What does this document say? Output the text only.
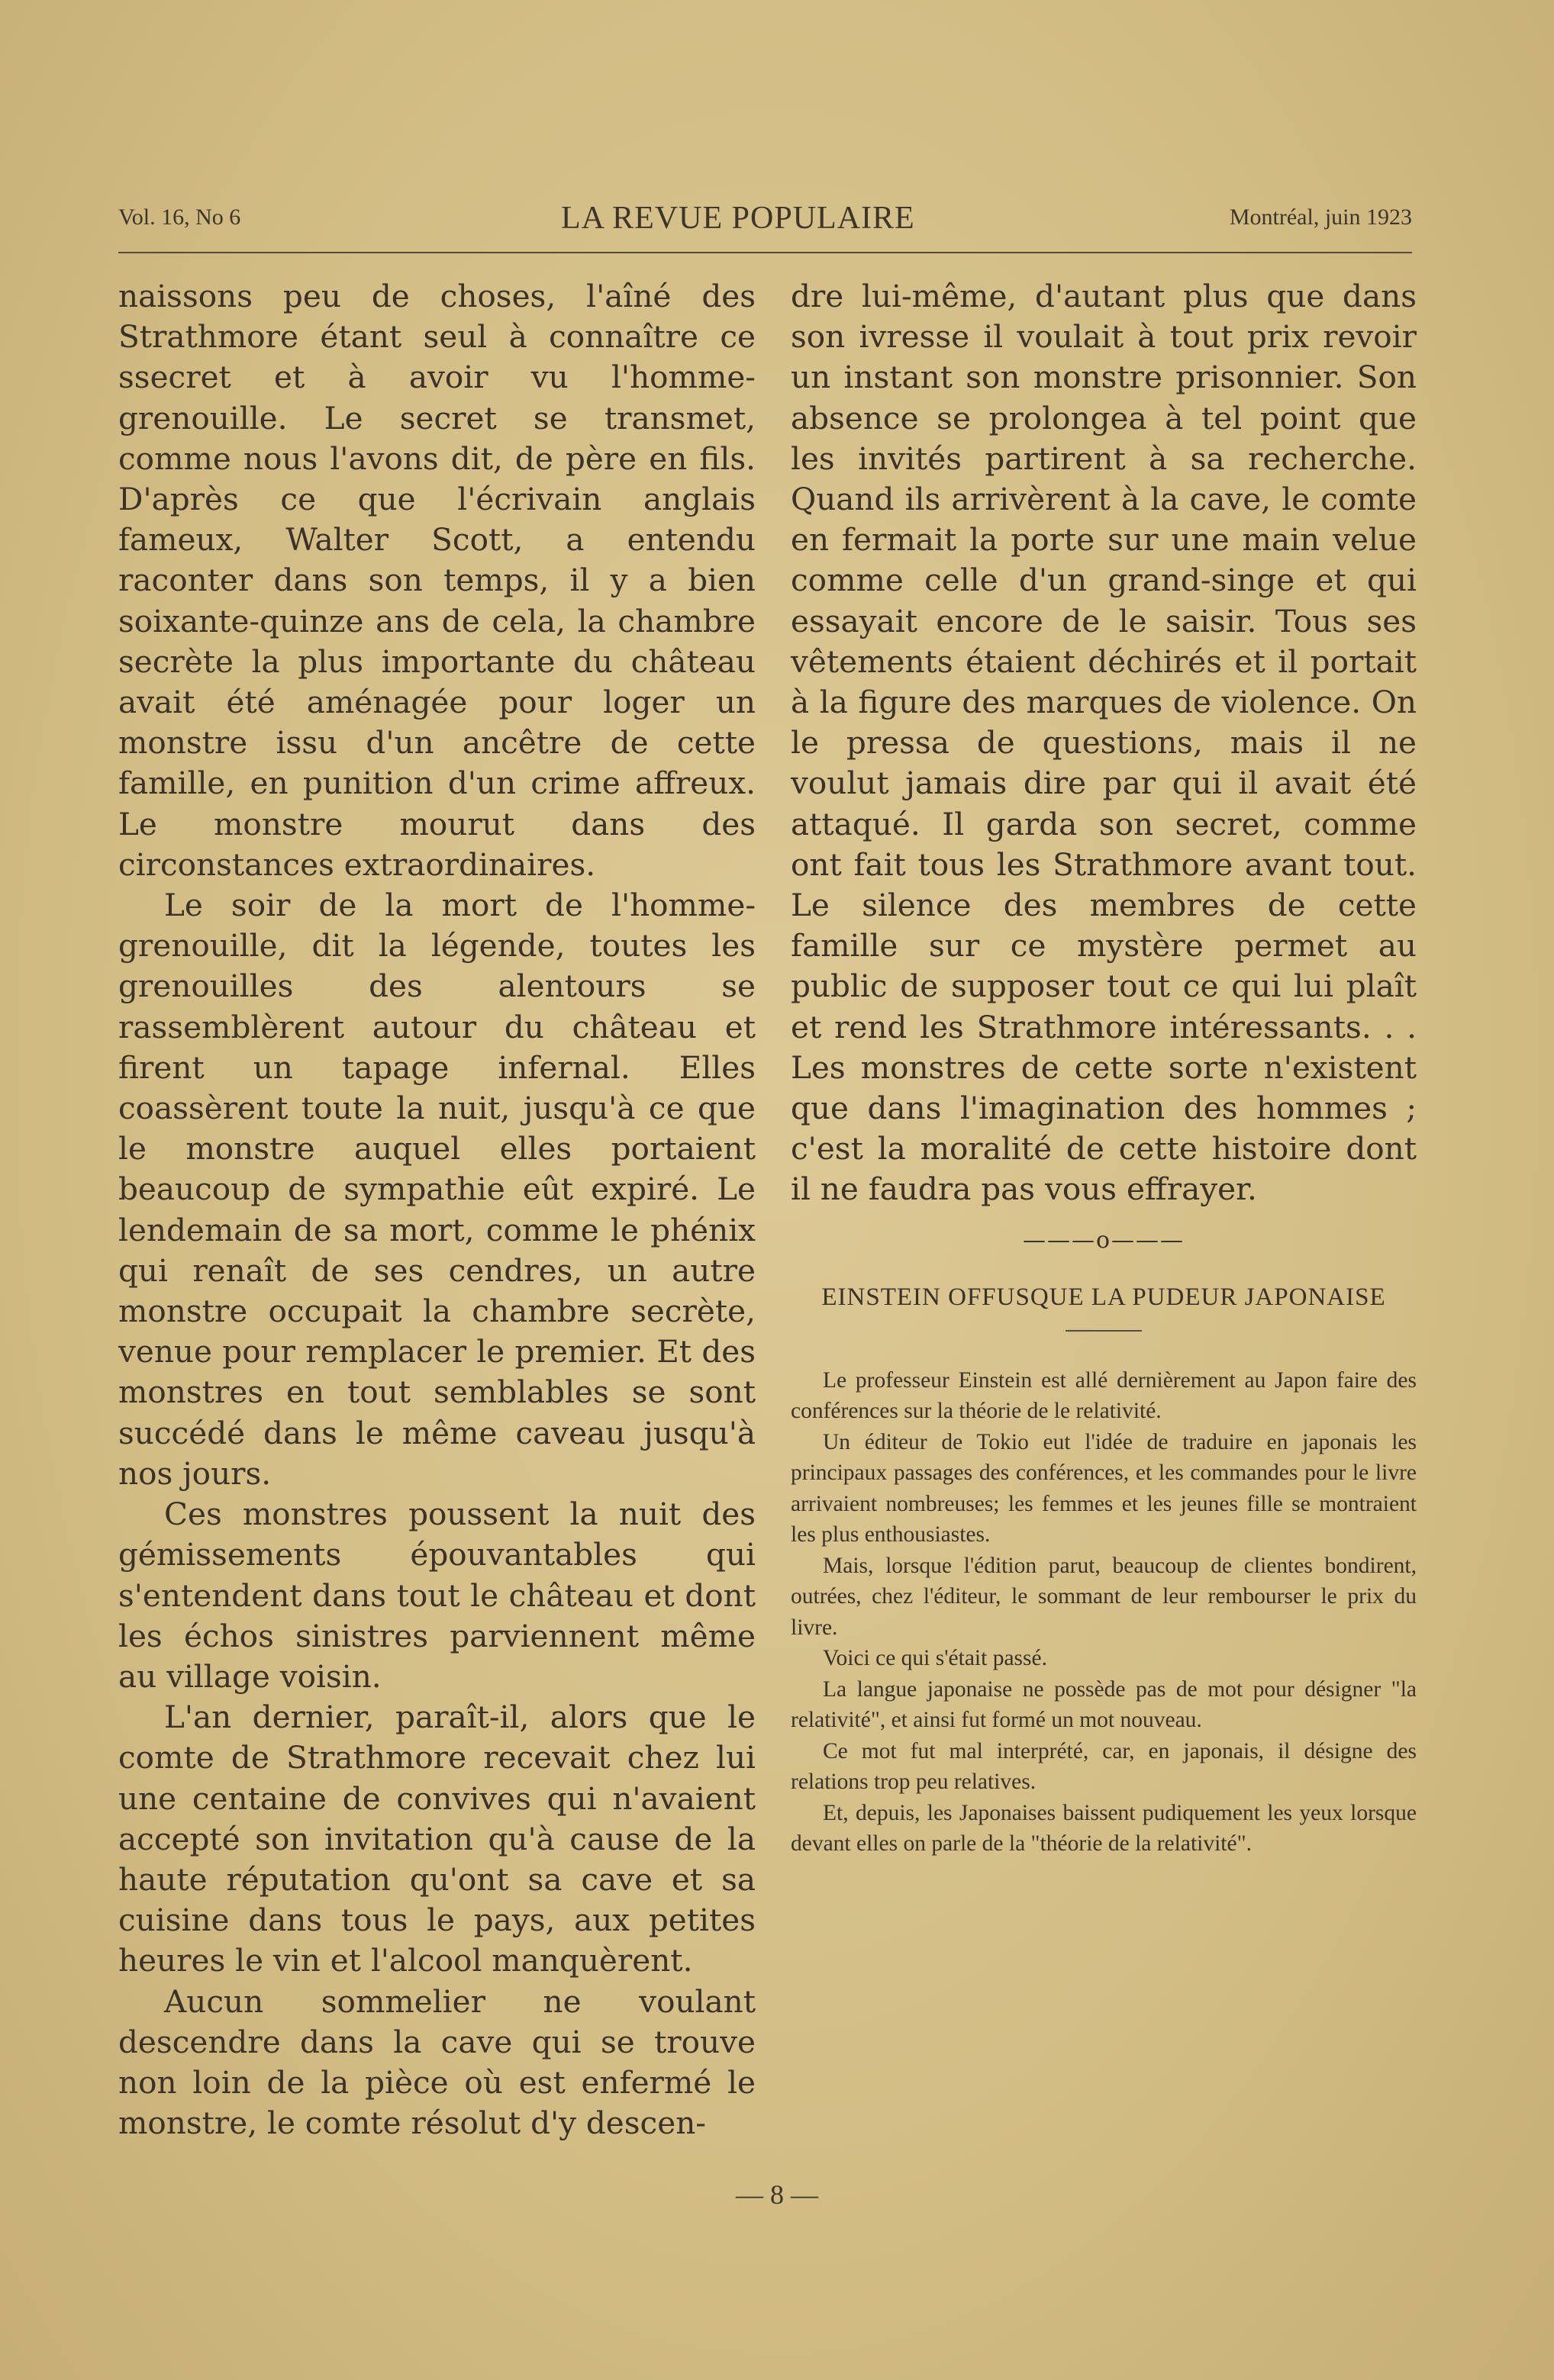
Vol. 16, No 6	LA REVUE POPULAIRE	Montréal, juin 1923

naissons peu de choses, l'aîné des Strathmore étant seul à connaître ce ssecret et à avoir vu l'homme-grenouille. Le secret se transmet, comme nous l'avons dit, de père en fils. D'après ce que l'écrivain anglais fameux, Walter Scott, a entendu raconter dans son temps, il y a bien soixante-quinze ans de cela, la chambre secrète la plus importante du château avait été aménagée pour loger un monstre issu d'un ancêtre de cette famille, en punition d'un crime affreux. Le monstre mourut dans des circonstances extraordinaires.

Le soir de la mort de l'homme-grenouille, dit la légende, toutes les grenouilles des alentours se rassemblèrent autour du château et firent un tapage infernal. Elles coassèrent toute la nuit, jusqu'à ce que le monstre auquel elles portaient beaucoup de sympathie eût expiré. Le lendemain de sa mort, comme le phénix qui renaît de ses cendres, un autre monstre occupait la chambre secrète, venue pour remplacer le premier. Et des monstres en tout semblables se sont succédé dans le même caveau jusqu'à nos jours.

Ces monstres poussent la nuit des gémissements épouvantables qui s'entendent dans tout le château et dont les échos sinistres parviennent même au village voisin.

L'an dernier, paraît-il, alors que le comte de Strathmore recevait chez lui une centaine de convives qui n'avaient accepté son invitation qu'à cause de la haute réputation qu'ont sa cave et sa cuisine dans tous le pays, aux petites heures le vin et l'alcool manquèrent.

Aucun sommelier ne voulant descendre dans la cave qui se trouve non loin de la pièce où est enfermé le monstre, le comte résolut d'y descen-

dre lui-même, d'autant plus que dans son ivresse il voulait à tout prix revoir un instant son monstre prisonnier. Son absence se prolongea à tel point que les invités partirent à sa recherche. Quand ils arrivèrent à la cave, le comte en fermait la porte sur une main velue comme celle d'un grand-singe et qui essayait encore de le saisir. Tous ses vêtements étaient déchirés et il portait à la figure des marques de violence. On le pressa de questions, mais il ne voulut jamais dire par qui il avait été attaqué. Il garda son secret, comme ont fait tous les Strathmore avant tout. Le silence des membres de cette famille sur ce mystère permet au public de supposer tout ce qui lui plaît et rend les Strathmore intéressants. . . Les monstres de cette sorte n'existent que dans l'imagination des hommes ; c'est la moralité de cette histoire dont il ne faudra pas vous effrayer.

———o———
EINSTEIN OFFUSQUE LA PUDEUR JAPONAISE

Le professeur Einstein est allé dernièrement au Japon faire des conférences sur la théorie de le relativité.

Un éditeur de Tokio eut l'idée de traduire en japonais les principaux passages des conférences, et les commandes pour le livre arrivaient nombreuses; les femmes et les jeunes fille se montraient les plus enthousiastes.

Mais, lorsque l'édition parut, beaucoup de clientes bondirent, outrées, chez l'éditeur, le sommant de leur rembourser le prix du livre.

Voici ce qui s'était passé.

La langue japonaise ne possède pas de mot pour désigner "la relativité", et ainsi fut formé un mot nouveau.

Ce mot fut mal interprété, car, en japonais, il désigne des relations trop peu relatives.

Et, depuis, les Japonaises baissent pudiquement les yeux lorsque devant elles on parle de la "théorie de la relativité".

— 8 —
